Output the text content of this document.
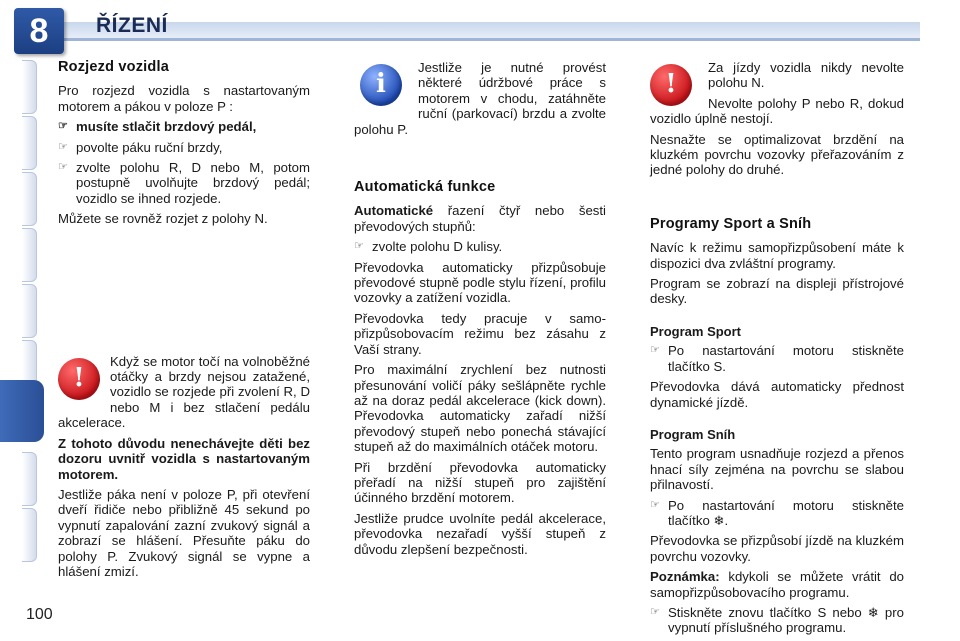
8	ŘÍZENÍ
100
Rozjezd vozidla

Pro rozjezd vozidla s nastartovaným motorem a pákou v poloze P :

☞ musíte stlačit brzdový pedál,
☞ povolte páku ruční brzdy,
☞ zvolte polohu R, D nebo M, potom postupně uvolňujte brzdový pedál; vozidlo se ihned rozjede.

Můžete se rovněž rozjet z polohy N.

!

Když se motor točí na volnoběžné otáčky a brzdy nejsou zatažené, vozidlo se rozjede při zvolení R, D nebo M i bez stlačení pedálu akcelerace.

Z tohoto důvodu nenechávejte děti bez dozoru uvnitř vozidla s nastartovaným motorem.

Jestliže páka není v poloze P, při otevření dveří řidiče nebo přibližně 45 sekund po vypnutí zapalování zazní zvukový signál a zobrazí se hlášení. Přesuňte páku do polohy P. Zvukový signál se vypne a hlášení zmizí.

i

Jestliže je nutné provést některé údržbové práce s motorem v chodu, zatáhněte ruční (parkovací) brzdu a zvolte polohu P.

Automatická funkce

Automatické řazení čtyř nebo šesti převodových stupňů:

☞ zvolte polohu D kulisy.

Převodovka automaticky přizpůsobuje převodové stupně podle stylu řízení, profilu vozovky a zatížení vozidla.

Převodovka tedy pracuje v samo-přizpůsobovacím režimu bez zásahu z Vaší strany.

Pro maximální zrychlení bez nutnosti přesunování voličí páky sešlápněte rychle až na doraz pedál akcelerace (kick down). Převodovka automaticky zařadí nižší převodový stupeň nebo ponechá stávající stupeň až do maximálních otáček motoru.

Při brzdění převodovka automaticky přeřadí na nižší stupeň pro zajištění účinného brzdění motorem.

Jestliže prudce uvolníte pedál akcelerace, převodovka nezařadí vyšší stupeň z důvodu zlepšení bezpečnosti.

!

Za jízdy vozidla nikdy nevolte polohu N.

Nevolte polohy P nebo R, dokud vozidlo úplně nestojí.

Nesnažte se optimalizovat brzdění na kluzkém povrchu vozovky přeřazováním z jedné polohy do druhé.

Programy Sport a Sníh

Navíc k režimu samopřizpůsobení máte k dispozici dva zvláštní programy.

Program se zobrazí na displeji přístrojové desky.

Program Sport
☞ Po nastartování motoru stiskněte tlačítko S.

Převodovka dává automaticky přednost dynamické jízdě.

Program Sníh

Tento program usnadňuje rozjezd a přenos hnací síly zejména na povrchu se slabou přilnavostí.

☞ Po nastartování motoru stiskněte tlačítko ❄.

Převodovka se přizpůsobí jízdě na kluzkém povrchu vozovky.

Poznámka: kdykoli se můžete vrátit do samopřizpůsobovacího programu.

☞ Stiskněte znovu tlačítko S nebo ❄ pro vypnutí příslušného programu.
